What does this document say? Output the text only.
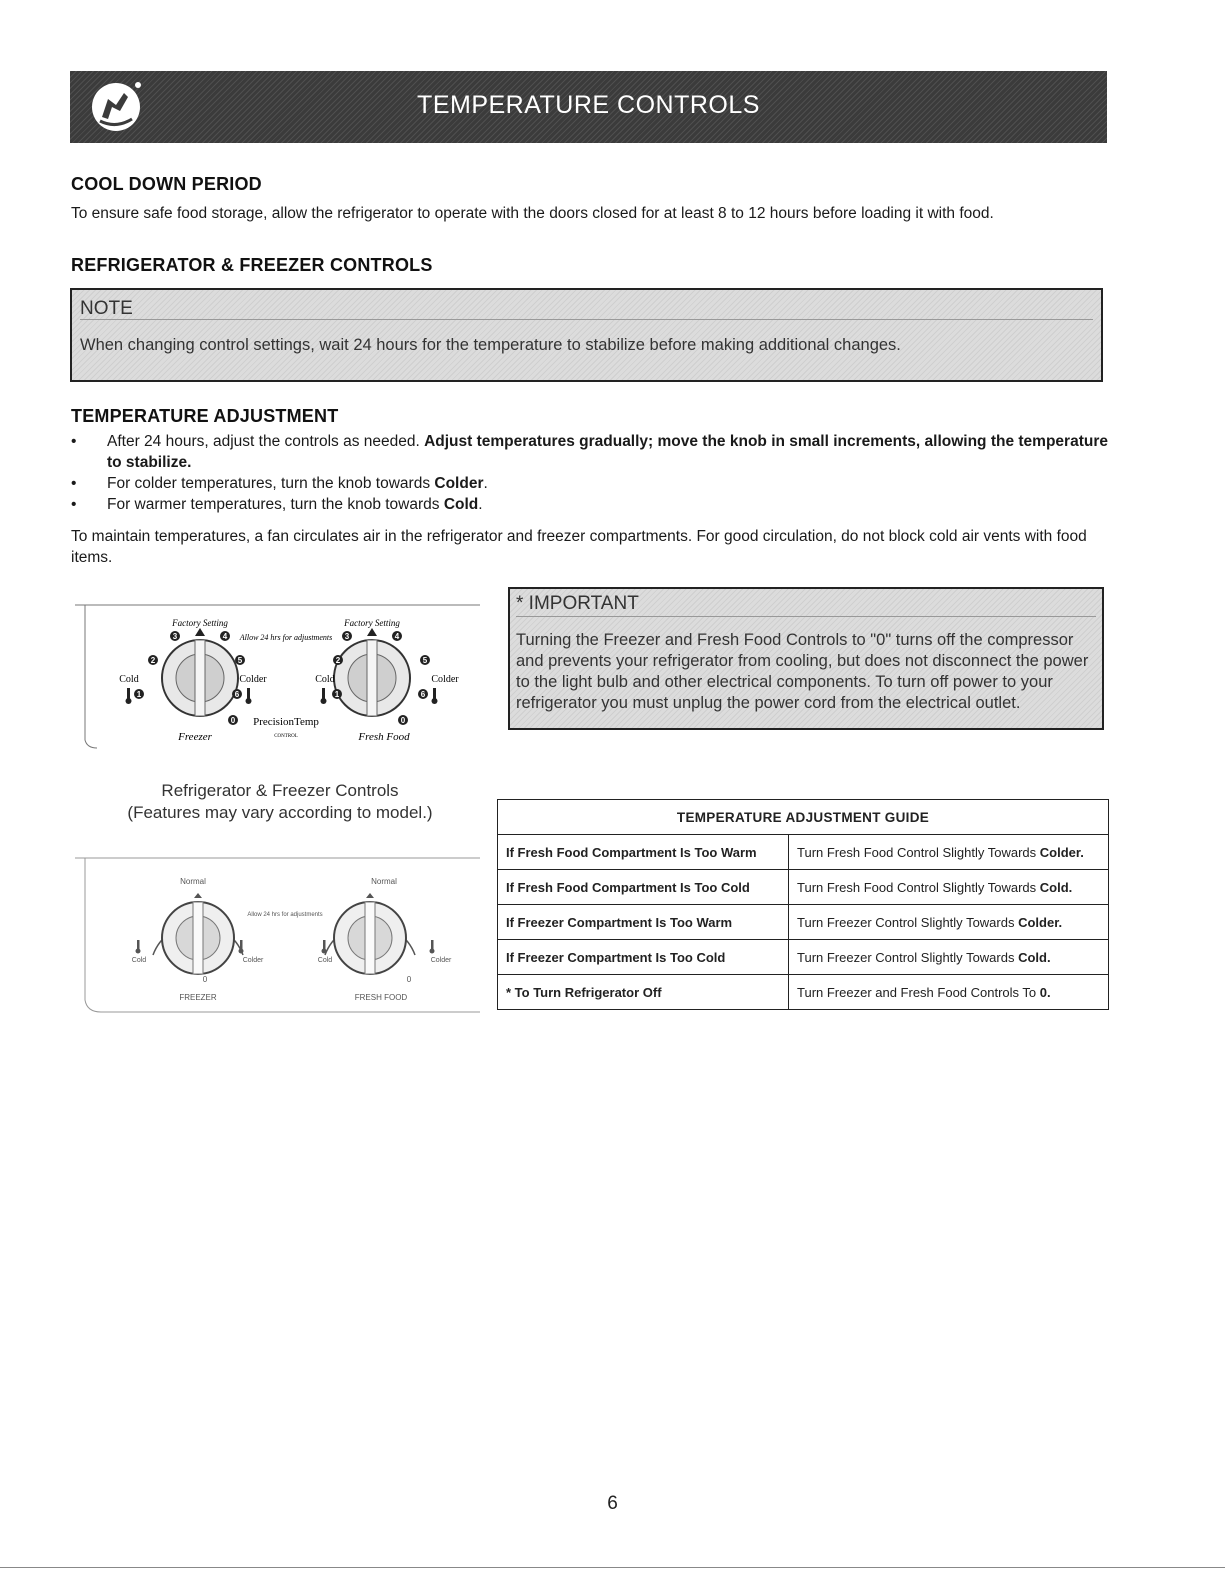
TEMPERATURE CONTROLS
COOL DOWN PERIOD
To ensure safe food storage, allow the refrigerator to operate with the doors closed for at least 8 to 12 hours before loading it with food.
REFRIGERATOR & FREEZER CONTROLS
NOTE
When changing control settings, wait 24 hours for the temperature to stabilize before making additional changes.
TEMPERATURE ADJUSTMENT
• After 24 hours, adjust the controls as needed. Adjust temperatures gradually; move the knob in small increments, allowing the temperature to stabilize.
• For colder temperatures, turn the knob towards Colder.
• For warmer temperatures, turn the knob towards Cold.
To maintain temperatures, a fan circulates air in the refrigerator and freezer compartments. For good circulation, do not block cold air vents with food items.
Factory Setting	Factory Setting
Allow 24 hrs for adjustments
Cold	Colder	Cold	Colder
Freezer	Fresh Food
PrecisionTemp
CONTROL
3	4
2	5
1	6
0
3	4
2	5
1	6
0
Refrigerator & Freezer Controls
(Features may vary according to model.)
Normal	Normal
Allow 24 hrs for adjustments
Cold	Colder	Cold	Colder
0	0
FREEZER	FRESH FOOD
* IMPORTANT
Turning the Freezer and Fresh Food Controls to "0" turns off the compressor and prevents your refrigerator from cooling, but does not disconnect the power to the light bulb and other electrical components. To turn off power to your refrigerator you must unplug the power cord from the electrical outlet.
TEMPERATURE ADJUSTMENT GUIDE	
If Fresh Food Compartment Is Too Warm	Turn Fresh Food Control Slightly Towards Colder.
If Fresh Food Compartment Is Too Cold	Turn Fresh Food Control Slightly Towards Cold.
If Freezer Compartment Is Too Warm	Turn Freezer Control Slightly Towards Colder.
If Freezer Compartment Is Too Cold	Turn Freezer Control Slightly Towards Cold.
* To Turn Refrigerator Off	Turn Freezer and Fresh Food Controls To 0.
6
